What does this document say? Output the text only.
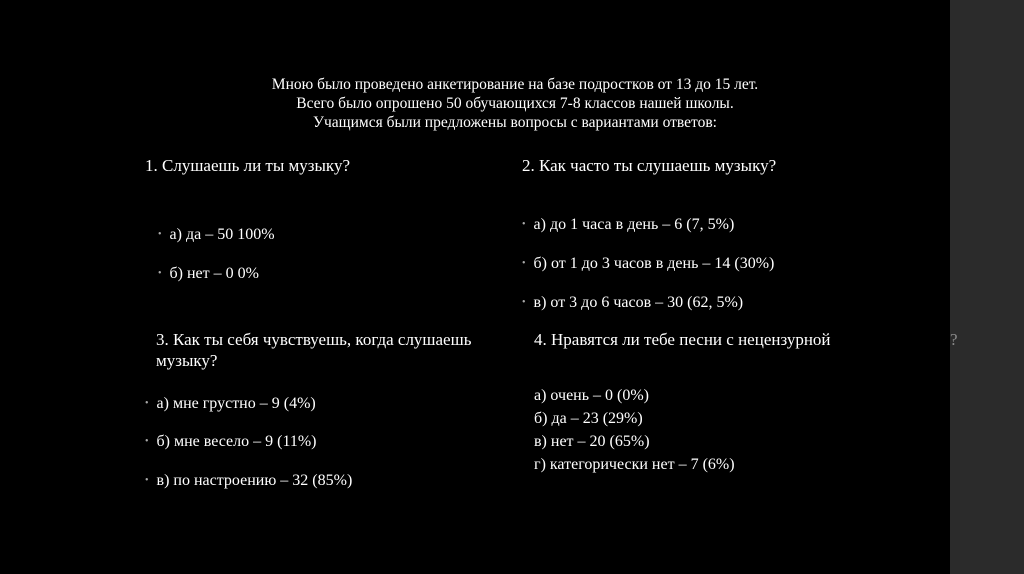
?
Мною было проведено анкетирование на базе подростков от 13 до 15 лет.
Всего было опрошено 50 обучающихся 7-8 классов нашей школы.
Учащимся были предложены вопросы с вариантами ответов:
1. Слушаешь ли ты музыку?
• а) да – 50 100%
• б) нет – 0 0%
2. Как часто ты слушаешь музыку?
• а) до 1 часа в день – 6 (7, 5%)
• б) от 1 до 3 часов в день – 14 (30%)
• в) от 3 до 6 часов – 30 (62, 5%)
3. Как ты себя чувствуешь, когда слушаешь музыку?
• а) мне грустно – 9 (4%)
• б) мне весело – 9 (11%)
• в) по настроению – 32 (85%)
4. Нравятся ли тебе песни с нецензурной
а) очень – 0 (0%)
б) да – 23 (29%)
в) нет – 20 (65%)
г) категорически нет – 7 (6%)
